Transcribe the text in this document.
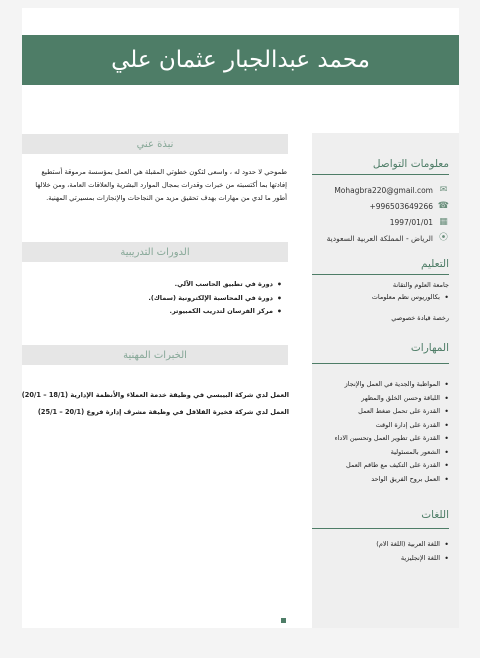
محمد عبدالجبار عثمان علي
معلومات التواصل
✉
Mohagbra220@gmail.com
☎
+996503649266
▦
1997/01/01
⦿
الرياض - المملكة العربية السعودية
التعليم
جامعة العلوم والتقانة
• بكالوريوس نظم معلومات
رخصة قيادة خصوصي
المهارات
• المواظبة والجدية في العمل والإنجاز
• اللباقة وحسن الخلق والمظهر
• القدرة على تحمل ضغط العمل
• القدرة على إدارة الوقت
• القدرة على تطوير العمل وتحسين الاداء
• الشعور بالمسئولية
• القدرة على التكيف مع طاقم العمل
• العمل بروح الفريق الواحد
اللغات
• اللغة العربية (اللغة الام)
• اللغة الإنجليزية
نبذة عني
طموحي لا حدود له ، واسعى لتكون خطوتي المقبلة هي العمل بمؤسسة مرموقة أستطيع إفادتها بما أكتسبته من خبرات وقدرات بمجال الموارد البشرية والعلاقات العامة، ومن خلالها أطور ما لدي من مهارات بهدف تحقيق مزيد من النجاحات والإنجازات بمسيرتي المهنية.
الدورات التدريبية
• دورة في تطبيق الحاسب الآلي.
• دورة في المحاسبة الإلكترونية (سماك).
• مركز الفرسان لتدريب الكمبيوتر.
الخبرات المهنية
العمل لدي شركة البيبسي في وظيفة خدمة العملاء والأنظمة الإدارية (18/1 – 20/1)
العمل لدي شركة فخيرة الفلافل في وظيفة مشرف إدارة فروع (20/1 – 25/1)
